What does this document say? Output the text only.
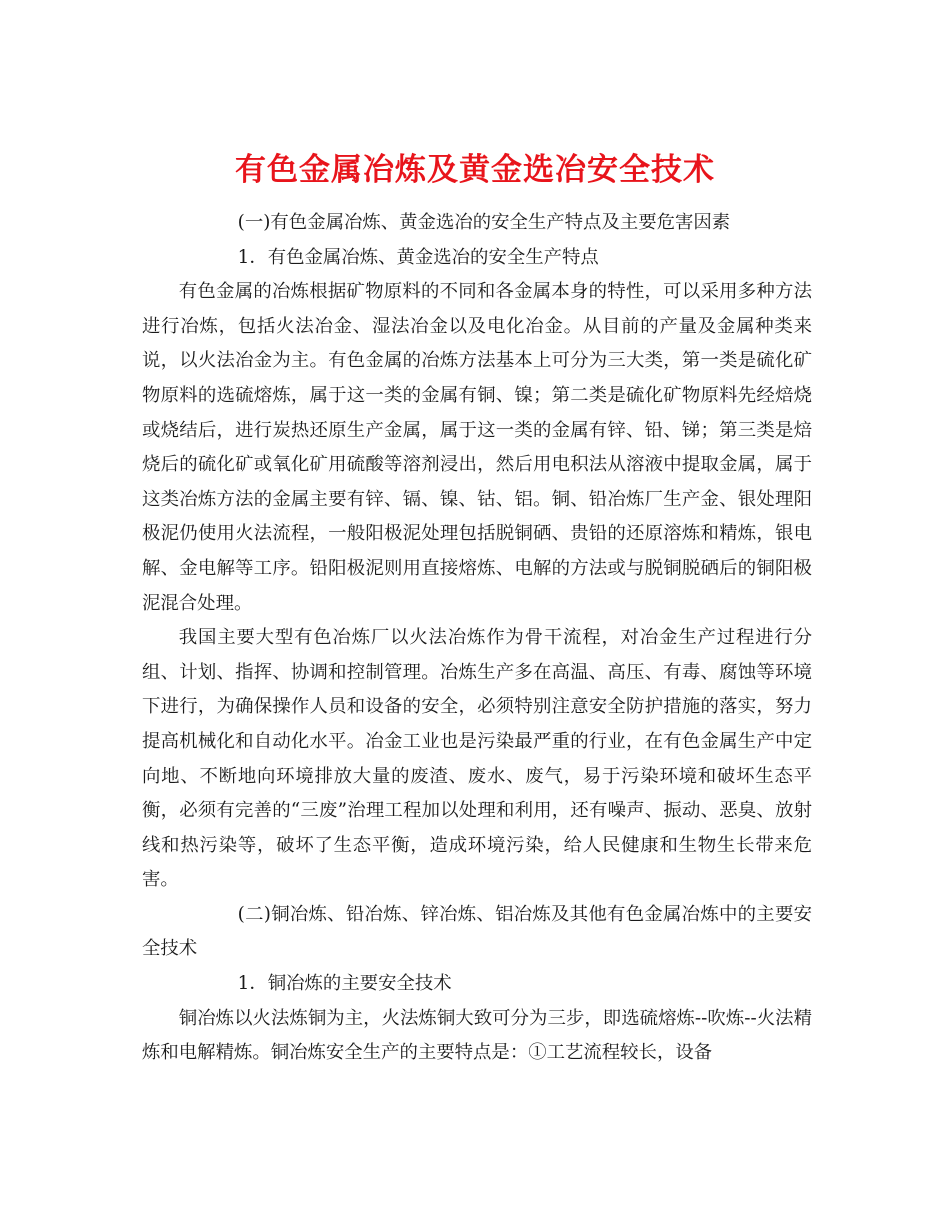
有色金属冶炼及黄金选冶安全技术

(一)有色金属冶炼、黄金选冶的安全生产特点及主要危害因素

1．有色金属冶炼、黄金选冶的安全生产特点

有色金属的冶炼根据矿物原料的不同和各金属本身的特性，可以采用多种方法进行冶炼，包括火法冶金、湿法冶金以及电化冶金。从目前的产量及金属种类来说，以火法冶金为主。有色金属的冶炼方法基本上可分为三大类，第一类是硫化矿物原料的选硫熔炼，属于这一类的金属有铜、镍；第二类是硫化矿物原料先经焙烧或烧结后，进行炭热还原生产金属，属于这一类的金属有锌、铅、锑；第三类是焙烧后的硫化矿或氧化矿用硫酸等溶剂浸出，然后用电积法从溶液中提取金属，属于这类冶炼方法的金属主要有锌、镉、镍、钴、铝。铜、铅冶炼厂生产金、银处理阳极泥仍使用火法流程，一般阳极泥处理包括脱铜硒、贵铅的还原溶炼和精炼，银电解、金电解等工序。铅阳极泥则用直接熔炼、电解的方法或与脱铜脱硒后的铜阳极泥混合处理。

我国主要大型有色冶炼厂以火法冶炼作为骨干流程，对冶金生产过程进行分组、计划、指挥、协调和控制管理。冶炼生产多在高温、高压、有毒、腐蚀等环境下进行，为确保操作人员和设备的安全，必须特别注意安全防护措施的落实，努力提高机械化和自动化水平。冶金工业也是污染最严重的行业，在有色金属生产中定向地、不断地向环境排放大量的废渣、废水、废气，易于污染环境和破坏生态平衡，必须有完善的“三废”治理工程加以处理和利用，还有噪声、振动、恶臭、放射线和热污染等，破坏了生态平衡，造成环境污染，给人民健康和生物生长带来危害。

(二)铜冶炼、铅冶炼、锌冶炼、铝冶炼及其他有色金属冶炼中的主要安全技术

1．铜冶炼的主要安全技术

铜冶炼以火法炼铜为主，火法炼铜大致可分为三步，即选硫熔炼--吹炼--火法精炼和电解精炼。铜冶炼安全生产的主要特点是：①工艺流程较长，设备
